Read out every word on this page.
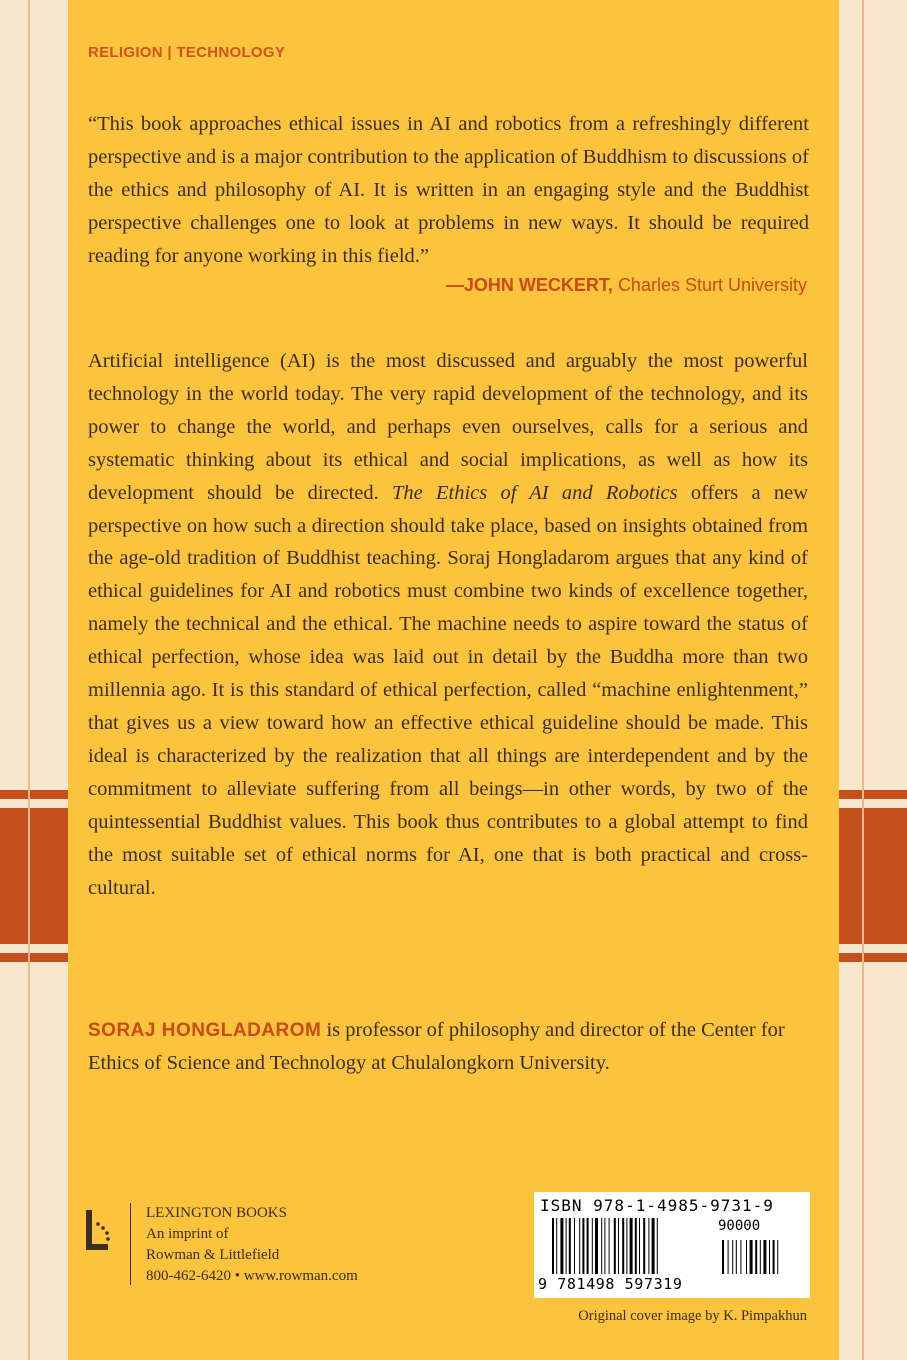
RELIGION | TECHNOLOGY

“This book approaches ethical issues in AI and robotics from a refreshingly different perspective and is a major contribution to the application of Buddhism to discussions of the ethics and philosophy of AI. It is written in an engaging style and the Buddhist perspective challenges one to look at problems in new ways. It should be required reading for anyone working in this field.”

—JOHN WECKERT, Charles Sturt University

Artificial intelligence (AI) is the most discussed and arguably the most powerful technology in the world today. The very rapid development of the technology, and its power to change the world, and perhaps even ourselves, calls for a serious and systematic thinking about its ethical and social implications, as well as how its development should be directed. The Ethics of AI and Robotics offers a new perspective on how such a direction should take place, based on insights obtained from the age-old tradition of Buddhist teaching. Soraj Hongladarom argues that any kind of ethical guidelines for AI and robotics must combine two kinds of excellence together, namely the technical and the ethical. The machine needs to aspire toward the status of ethical perfection, whose idea was laid out in detail by the Buddha more than two millennia ago. It is this standard of ethical perfection, called “machine enlightenment,” that gives us a view toward how an effective ethical guideline should be made. This ideal is characterized by the realization that all things are interdependent and by the commitment to alleviate suffering from all beings—in other words, by two of the quintessential Buddhist values. This book thus contributes to a global attempt to find the most suitable set of ethical norms for AI, one that is both practical and cross-cultural.

SORAJ HONGLADAROM is professor of philosophy and director of the Center for Ethics of Science and Technology at Chulalongkorn University.

LEXINGTON BOOKS
An imprint of
Rowman & Littlefield
800-462-6420 • www.rowman.com
ISBN 978-1-4985-9731-9
90000
9 781498 597319
Original cover image by K. Pimpakhun
